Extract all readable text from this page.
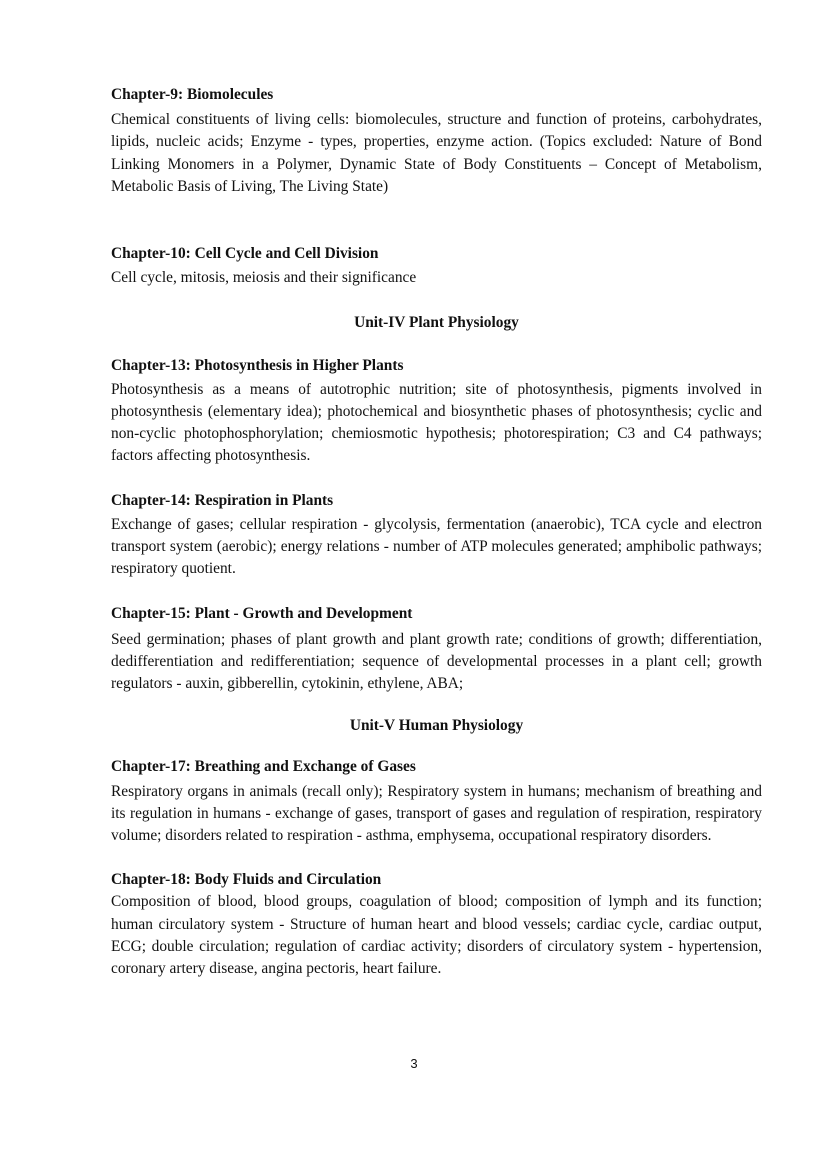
Chapter-9: Biomolecules

Chemical constituents of living cells: biomolecules, structure and function of proteins, carbohydrates, lipids, nucleic acids; Enzyme - types, properties, enzyme action. (Topics excluded: Nature of Bond Linking Monomers in a Polymer, Dynamic State of Body Constituents – Concept of Metabolism, Metabolic Basis of Living, The Living State)

Chapter-10: Cell Cycle and Cell Division

Cell cycle, mitosis, meiosis and their significance

Unit-IV Plant Physiology

Chapter-13: Photosynthesis in Higher Plants

Photosynthesis as a means of autotrophic nutrition; site of photosynthesis, pigments involved in photosynthesis (elementary idea); photochemical and biosynthetic phases of photosynthesis; cyclic and non-cyclic photophosphorylation; chemiosmotic hypothesis; photorespiration; C3 and C4 pathways; factors affecting photosynthesis.

Chapter-14: Respiration in Plants

Exchange of gases; cellular respiration - glycolysis, fermentation (anaerobic), TCA cycle and electron transport system (aerobic); energy relations - number of ATP molecules generated; amphibolic pathways; respiratory quotient.

Chapter-15: Plant - Growth and Development

Seed germination; phases of plant growth and plant growth rate; conditions of growth; differentiation, dedifferentiation and redifferentiation; sequence of developmental processes in a plant cell; growth regulators - auxin, gibberellin, cytokinin, ethylene, ABA;

Unit-V Human Physiology

Chapter-17: Breathing and Exchange of Gases

Respiratory organs in animals (recall only); Respiratory system in humans; mechanism of breathing and its regulation in humans - exchange of gases, transport of gases and regulation of respiration, respiratory volume; disorders related to respiration - asthma, emphysema, occupational respiratory disorders.

Chapter-18: Body Fluids and Circulation

Composition of blood, blood groups, coagulation of blood; composition of lymph and its function; human circulatory system - Structure of human heart and blood vessels; cardiac cycle, cardiac output, ECG; double circulation; regulation of cardiac activity; disorders of circulatory system - hypertension, coronary artery disease, angina pectoris, heart failure.

3
